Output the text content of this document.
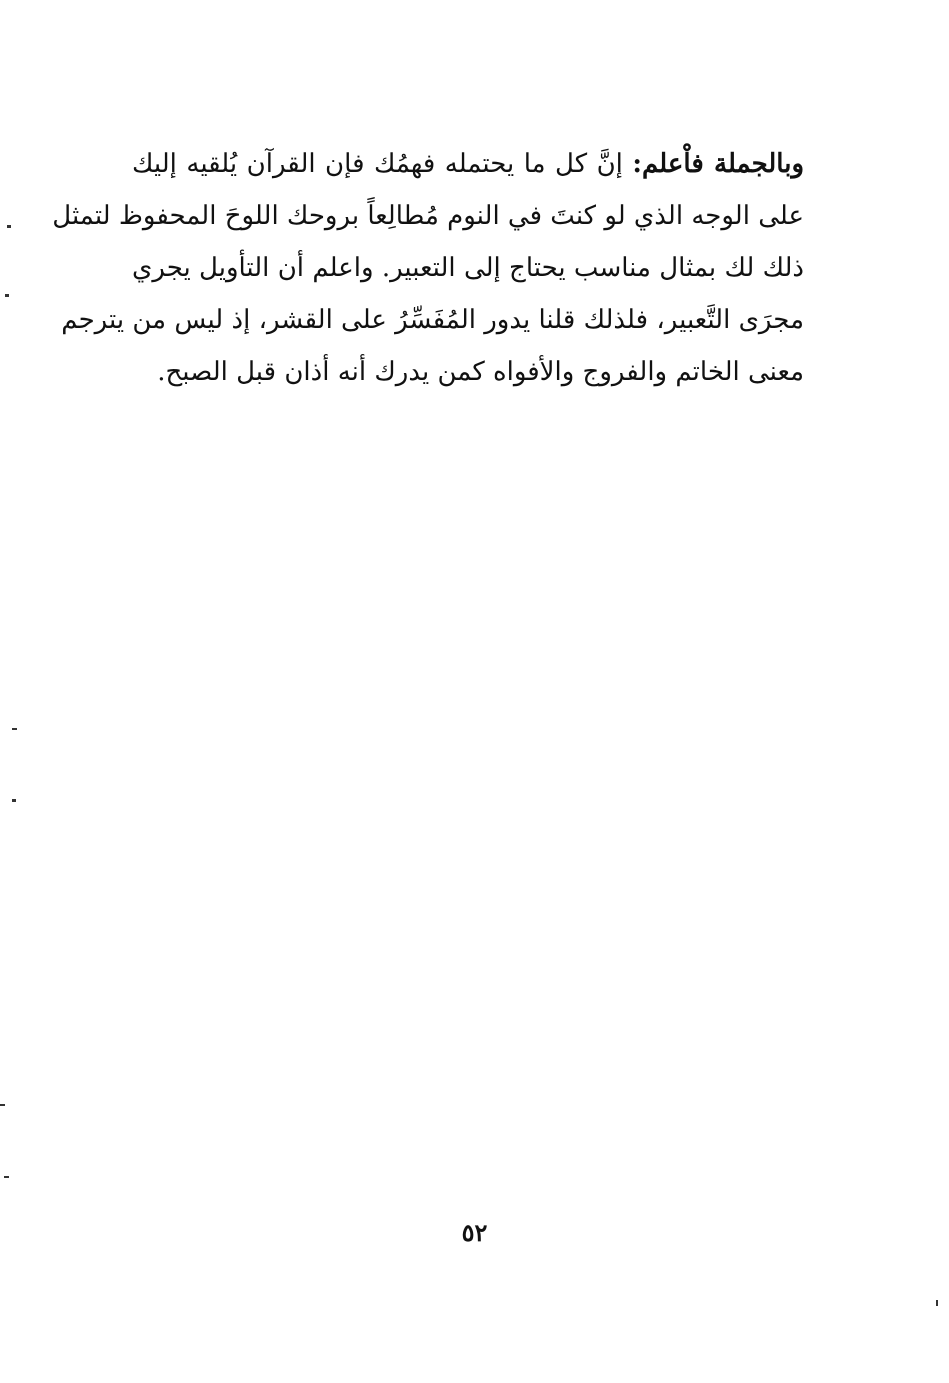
وبالجملة فاْعلم: إنَّ كل ما يحتمله فهمُك فإن القرآن يُلقيه إليك
على الوجه الذي لو كنتَ في النوم مُطالِعاً بروحك اللوحَ المحفوظ لتمثل
ذلك لك بمثال مناسب يحتاج إلى التعبير. واعلم أن التأويل يجري
مجرَى التَّعبير، فلذلك قلنا يدور المُفَسِّرُ على القشر، إذ ليس من يترجم
معنى الخاتم والفروج والأفواه كمن يدرك أنه أذان قبل الصبح.
٥٢
